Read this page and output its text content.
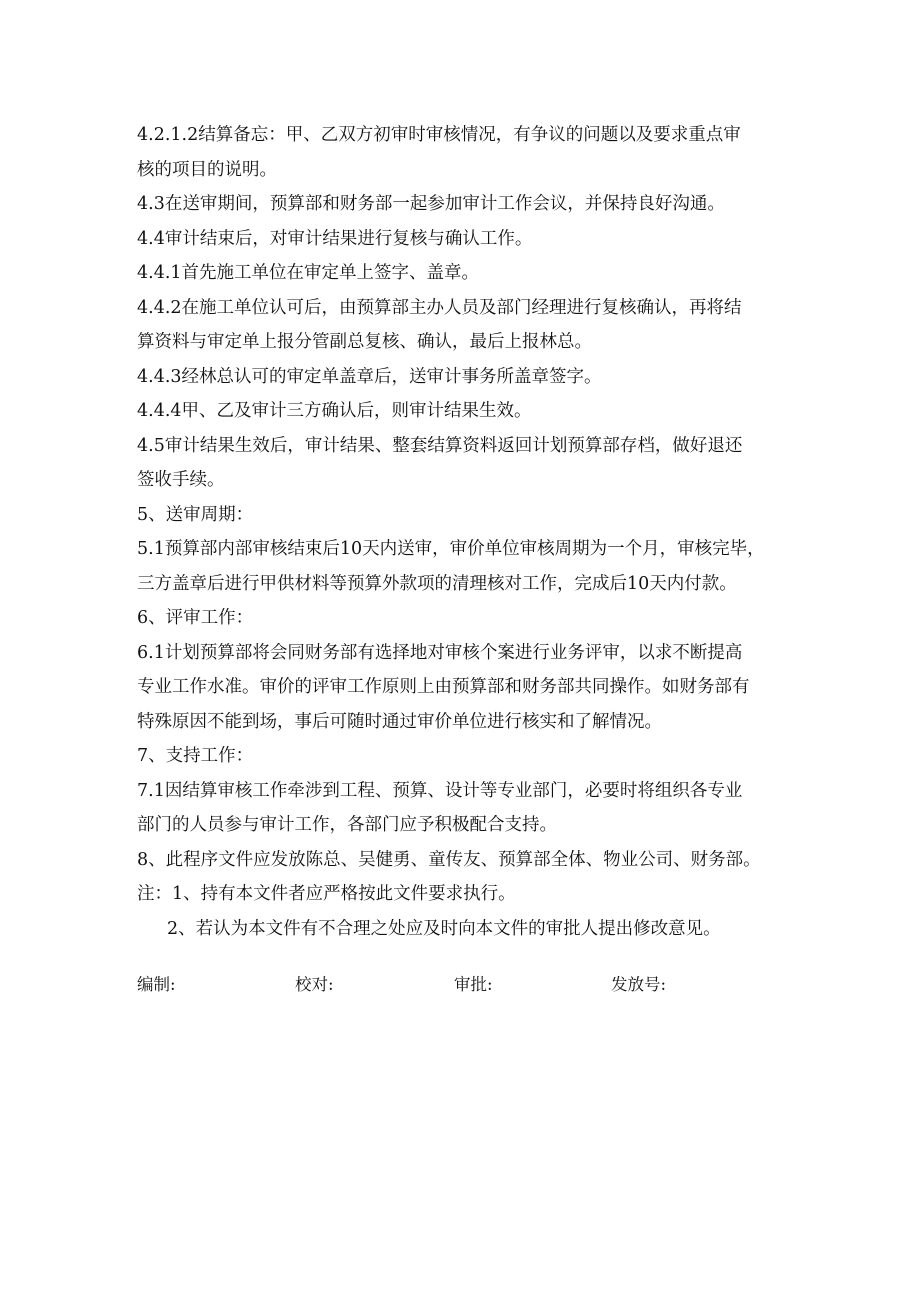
4.2.1.2结算备忘：甲、乙双方初审时审核情况，有争议的问题以及要求重点审
核的项目的说明。
4.3在送审期间，预算部和财务部一起参加审计工作会议，并保持良好沟通。
4.4审计结束后，对审计结果进行复核与确认工作。
4.4.1首先施工单位在审定单上签字、盖章。
4.4.2在施工单位认可后，由预算部主办人员及部门经理进行复核确认，再将结
算资料与审定单上报分管副总复核、确认，最后上报林总。
4.4.3经林总认可的审定单盖章后，送审计事务所盖章签字。
4.4.4甲、乙及审计三方确认后，则审计结果生效。
4.5审计结果生效后，审计结果、整套结算资料返回计划预算部存档，做好退还
签收手续。
5、送审周期：
5.1预算部内部审核结束后10天内送审，审价单位审核周期为一个月，审核完毕，
三方盖章后进行甲供材料等预算外款项的清理核对工作，完成后10天内付款。
6、评审工作：
6.1计划预算部将会同财务部有选择地对审核个案进行业务评审，以求不断提高
专业工作水准。审价的评审工作原则上由预算部和财务部共同操作。如财务部有
特殊原因不能到场，事后可随时通过审价单位进行核实和了解情况。
7、支持工作：
7.1因结算审核工作牵涉到工程、预算、设计等专业部门，必要时将组织各专业
部门的人员参与审计工作，各部门应予积极配合支持。
8、此程序文件应发放陈总、吴健勇、童传友、预算部全体、物业公司、财务部。
注：1、持有本文件者应严格按此文件要求执行。
2、若认为本文件有不合理之处应及时向本文件的审批人提出修改意见。
编制:	校对:	审批:	发放号:
